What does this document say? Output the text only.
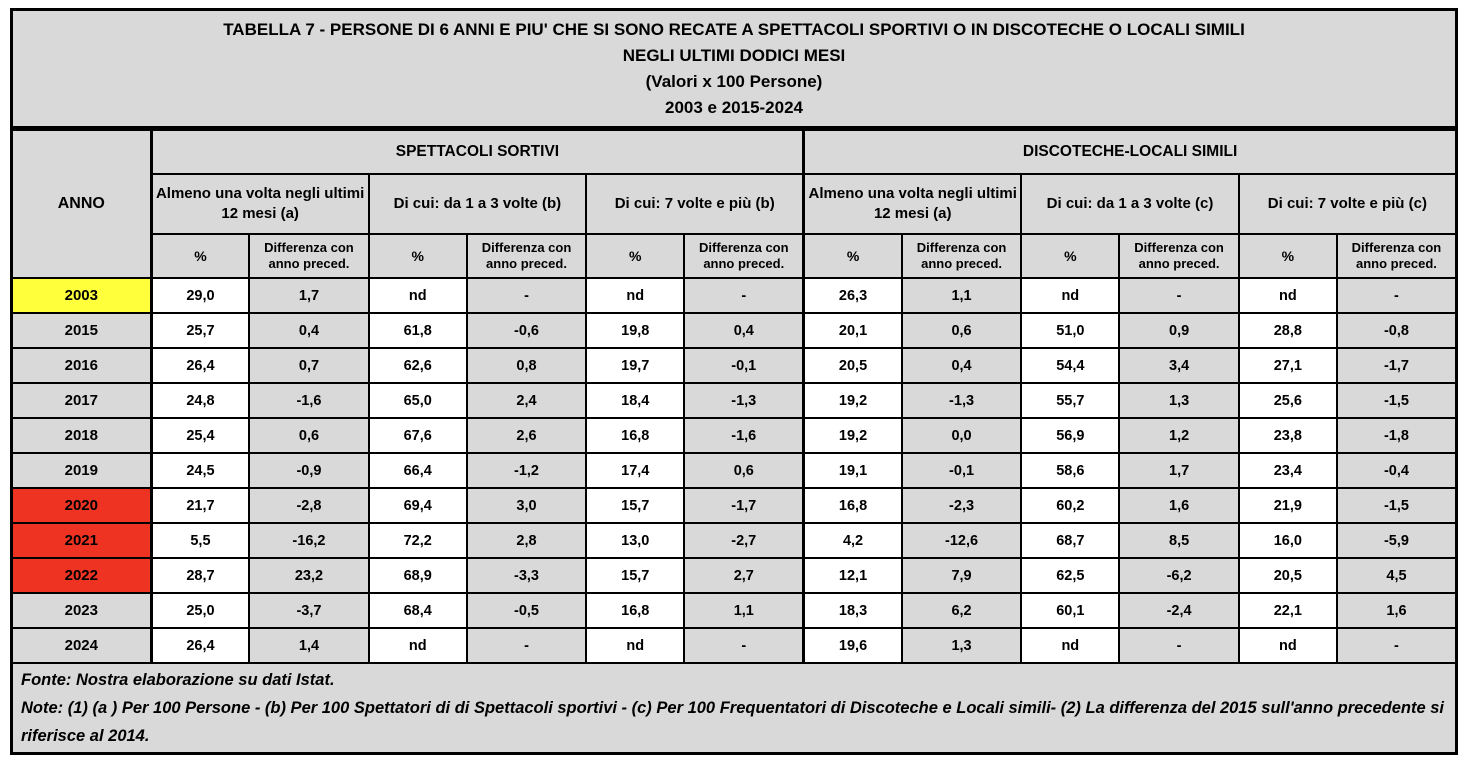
TABELLA 7 - PERSONE DI 6 ANNI E PIU' CHE SI SONO RECATE A SPETTACOLI SPORTIVI O IN DISCOTECHE O LOCALI SIMILI
NEGLI ULTIMI DODICI MESI
(Valori x 100 Persone)
2003 e 2015-2024
ANNO	SPETTACOLI SORTIVI						DISCOTECHE-LOCALI SIMILI					
	Almeno una volta negli ultimi 12 mesi (a)		Di cui: da 1 a 3 volte (b)		Di cui: 7 volte e più (b)		Almeno una volta negli ultimi 12 mesi (a)		Di cui: da 1 a 3 volte (c)		Di cui: 7 volte e più (c)	
	%	Differenza con anno preced.	%	Differenza con anno preced.	%	Differenza con anno preced.	%	Differenza con anno preced.	%	Differenza con anno preced.	%	Differenza con anno preced.
2003	29,0	1,7	nd	-	nd	-	26,3	1,1	nd	-	nd	-
2015	25,7	0,4	61,8	-0,6	19,8	0,4	20,1	0,6	51,0	0,9	28,8	-0,8
2016	26,4	0,7	62,6	0,8	19,7	-0,1	20,5	0,4	54,4	3,4	27,1	-1,7
2017	24,8	-1,6	65,0	2,4	18,4	-1,3	19,2	-1,3	55,7	1,3	25,6	-1,5
2018	25,4	0,6	67,6	2,6	16,8	-1,6	19,2	0,0	56,9	1,2	23,8	-1,8
2019	24,5	-0,9	66,4	-1,2	17,4	0,6	19,1	-0,1	58,6	1,7	23,4	-0,4
2020	21,7	-2,8	69,4	3,0	15,7	-1,7	16,8	-2,3	60,2	1,6	21,9	-1,5
2021	5,5	-16,2	72,2	2,8	13,0	-2,7	4,2	-12,6	68,7	8,5	16,0	-5,9
2022	28,7	23,2	68,9	-3,3	15,7	2,7	12,1	7,9	62,5	-6,2	20,5	4,5
2023	25,0	-3,7	68,4	-0,5	16,8	1,1	18,3	6,2	60,1	-2,4	22,1	1,6
2024	26,4	1,4	nd	-	nd	-	19,6	1,3	nd	-	nd	-

Fonte: Nostra elaborazione su dati Istat.
Note: (1) (a ) Per 100 Persone - (b) Per 100 Spettatori di di Spettacoli sportivi - (c) Per 100 Frequentatori di Discoteche e Locali simili- (2) La differenza del 2015 sull'anno precedente si riferisce al 2014.												
